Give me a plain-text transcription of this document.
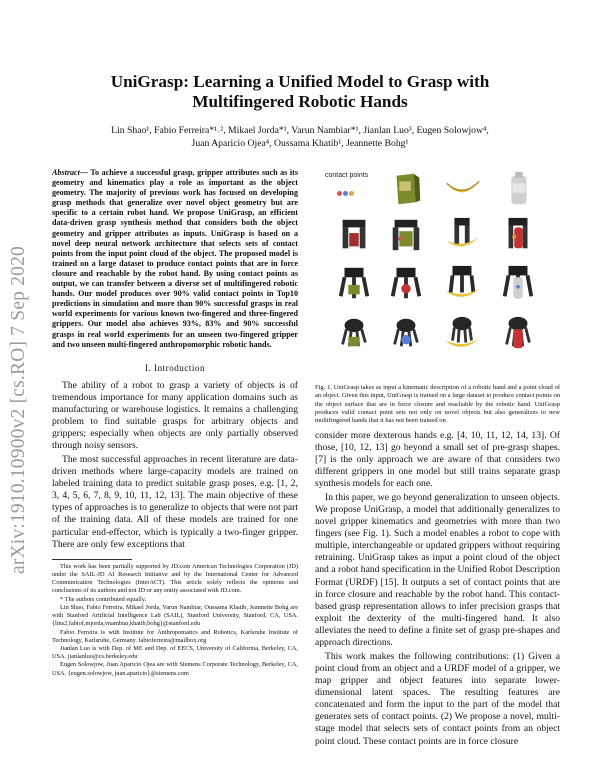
arXiv:1910.10900v2 [cs.RO] 7 Sep 2020
UniGrasp: Learning a Unified Model to Grasp with
Multifingered Robotic Hands
Lin Shao¹, Fabio Ferreira*¹˒², Mikael Jorda*¹, Varun Nambiar*¹, Jianlan Luo³, Eugen Solowjow⁴,
Juan Aparicio Ojea⁴, Oussama Khatib¹, Jeannette Bohg¹

Abstract— To achieve a successful grasp, gripper attributes such as its geometry and kinematics play a role as important as the object geometry. The majority of previous work has focused on developing grasp methods that generalize over novel object geometry but are specific to a certain robot hand. We propose UniGrasp, an efficient data-driven grasp synthesis method that considers both the object geometry and gripper attributes as inputs. UniGrasp is based on a novel deep neural network architecture that selects sets of contact points from the input point cloud of the object. The proposed model is trained on a large dataset to produce contact points that are in force closure and reachable by the robot hand. By using contact points as output, we can transfer between a diverse set of multifingered robotic hands. Our model produces over 90% valid contact points in Top10 predictions in simulation and more than 90% successful grasps in real world experiments for various known two-fingered and three-fingered grippers. Our model also achieves 93%, 83% and 90% successful grasps in real world experiments for an unseen two-fingered gripper and two unseen multi-fingered anthropomorphic robotic hands.

I. Introduction

The ability of a robot to grasp a variety of objects is of tremendous importance for many application domains such as manufacturing or warehouse logistics. It remains a challenging problem to find suitable grasps for arbitrary objects and grippers; especially when objects are only partially observed through noisy sensors.

The most successful approaches in recent literature are data-driven methods where large-capacity models are trained on labeled training data to predict suitable grasp poses, e.g. [1, 2, 3, 4, 5, 6, 7, 8, 9, 10, 11, 12, 13]. The main objective of these types of approaches is to generalize to objects that were not part of the training data. All of these models are trained for one particular end-effector, which is typically a two-finger gripper. There are only few exceptions that

This work has been partially supported by JD.com American Technologies Corporation (JD) under the SAIL-JD AI Research Initiative and by the International Center for Advanced Communication Technologies (InterACT). This article solely reflects the opinions and conclusions of its authors and not JD or any entity associated with JD.com.

* The authors contributed equally.

Lin Shao, Fabio Ferreira, Mikael Jorda, Varun Nambiar, Oussama Khatib, Jeannette Bohg are with Stanford Artificial Intelligence Lab (SAIL), Stanford University, Stanford, CA, USA. {lins2,fabiof,mjorda,vnambiar,khatib,bohg}@stanford.edu

Fabio Ferreira is with Institute for Anthropomatics and Robotics, Karlsruhe Institute of Technology, Karlsruhe, Germany. fabioferreira@mailbox.org

Jianlan Luo is with Dep. of ME and Dep. of EECS, University of California, Berkeley, CA, USA. jianlanluo@cs.berkeley.edu

Eugen Solowjow, Juan Aparicio Ojea are with Siemens Corporate Technology, Berkeley, CA, USA. {eugen.solowjow, juan.aparicio}@siemens.com

contact points

Fig. 1. UniGrasp takes as input a kinematic description of a robotic hand and a point cloud of an object. Given this input, UniGrasp is trained on a large dataset to produce contact points on the object surface that are in force closure and reachable by the robotic hand. UniGrasp produces valid contact point sets not only on novel objects but also generalizes to new multifingered hands that it has not been trained on.

consider more dexterous hands e.g. [4, 10, 11, 12, 14, 13]. Of those, [10, 12, 13] go beyond a small set of pre-grasp shapes. [7] is the only approach we are aware of that considers two different grippers in one model but still trains separate grasp synthesis models for each one.

In this paper, we go beyond generalization to unseen objects. We propose UniGrasp, a model that additionally generalizes to novel gripper kinematics and geometries with more than two fingers (see Fig. 1). Such a model enables a robot to cope with multiple, interchangeable or updated grippers without requiring retraining. UniGrasp takes as input a point cloud of the object and a robot hand specification in the Unified Robot Description Format (URDF) [15]. It outputs a set of contact points that are in force closure and reachable by the robot hand. This contact-based grasp representation allows to infer precision grasps that exploit the dexterity of the multi-fingered hand. It also alleviates the need to define a finite set of grasp pre-shapes and approach directions.

This work makes the following contributions: (1) Given a point cloud from an object and a URDF model of a gripper, we map gripper and object features into separate lower-dimensional latent spaces. The resulting features are concatenated and form the input to the part of the model that generates sets of contact points. (2) We propose a novel, multi-stage model that selects sets of contact points from an object point cloud. These contact points are in force closure
